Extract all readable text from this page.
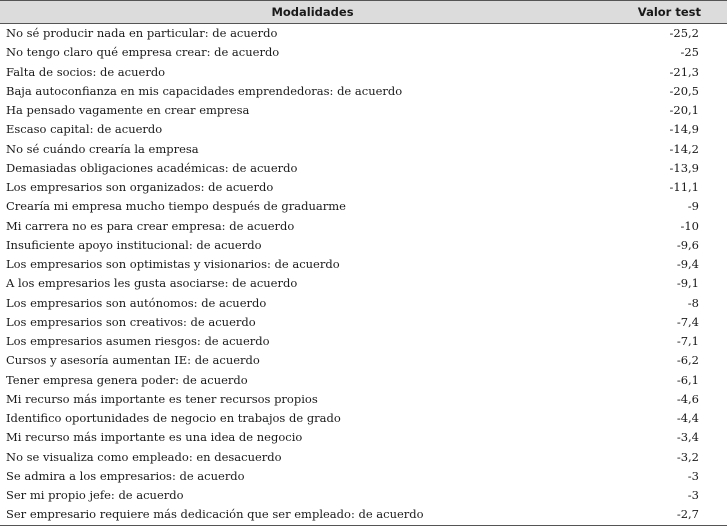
Modalidades	Valor test
No sé producir nada en particular: de acuerdo	-25,2
No tengo claro qué empresa crear: de acuerdo	-25
Falta de socios: de acuerdo	-21,3
Baja autoconfianza en mis capacidades emprendedoras: de acuerdo	-20,5
Ha pensado vagamente en crear empresa	-20,1
Escaso capital: de acuerdo	-14,9
No sé cuándo crearía la empresa	-14,2
Demasiadas obligaciones académicas: de acuerdo	-13,9
Los empresarios son organizados: de acuerdo	-11,1
Crearía mi empresa mucho tiempo después de graduarme	-9
Mi carrera no es para crear empresa: de acuerdo	-10
Insuficiente apoyo institucional: de acuerdo	-9,6
Los empresarios son optimistas y visionarios: de acuerdo	-9,4
A los empresarios les gusta asociarse: de acuerdo	-9,1
Los empresarios son autónomos: de acuerdo	-8
Los empresarios son creativos: de acuerdo	-7,4
Los empresarios asumen riesgos: de acuerdo	-7,1
Cursos y asesoría aumentan IE: de acuerdo	-6,2
Tener empresa genera poder: de acuerdo	-6,1
Mi recurso más importante es tener recursos propios	-4,6
Identifico oportunidades de negocio en trabajos de grado	-4,4
Mi recurso más importante es una idea de negocio	-3,4
No se visualiza como empleado: en desacuerdo	-3,2
Se admira a los empresarios: de acuerdo	-3
Ser mi propio jefe: de acuerdo	-3
Ser empresario requiere más dedicación que ser empleado: de acuerdo	-2,7
